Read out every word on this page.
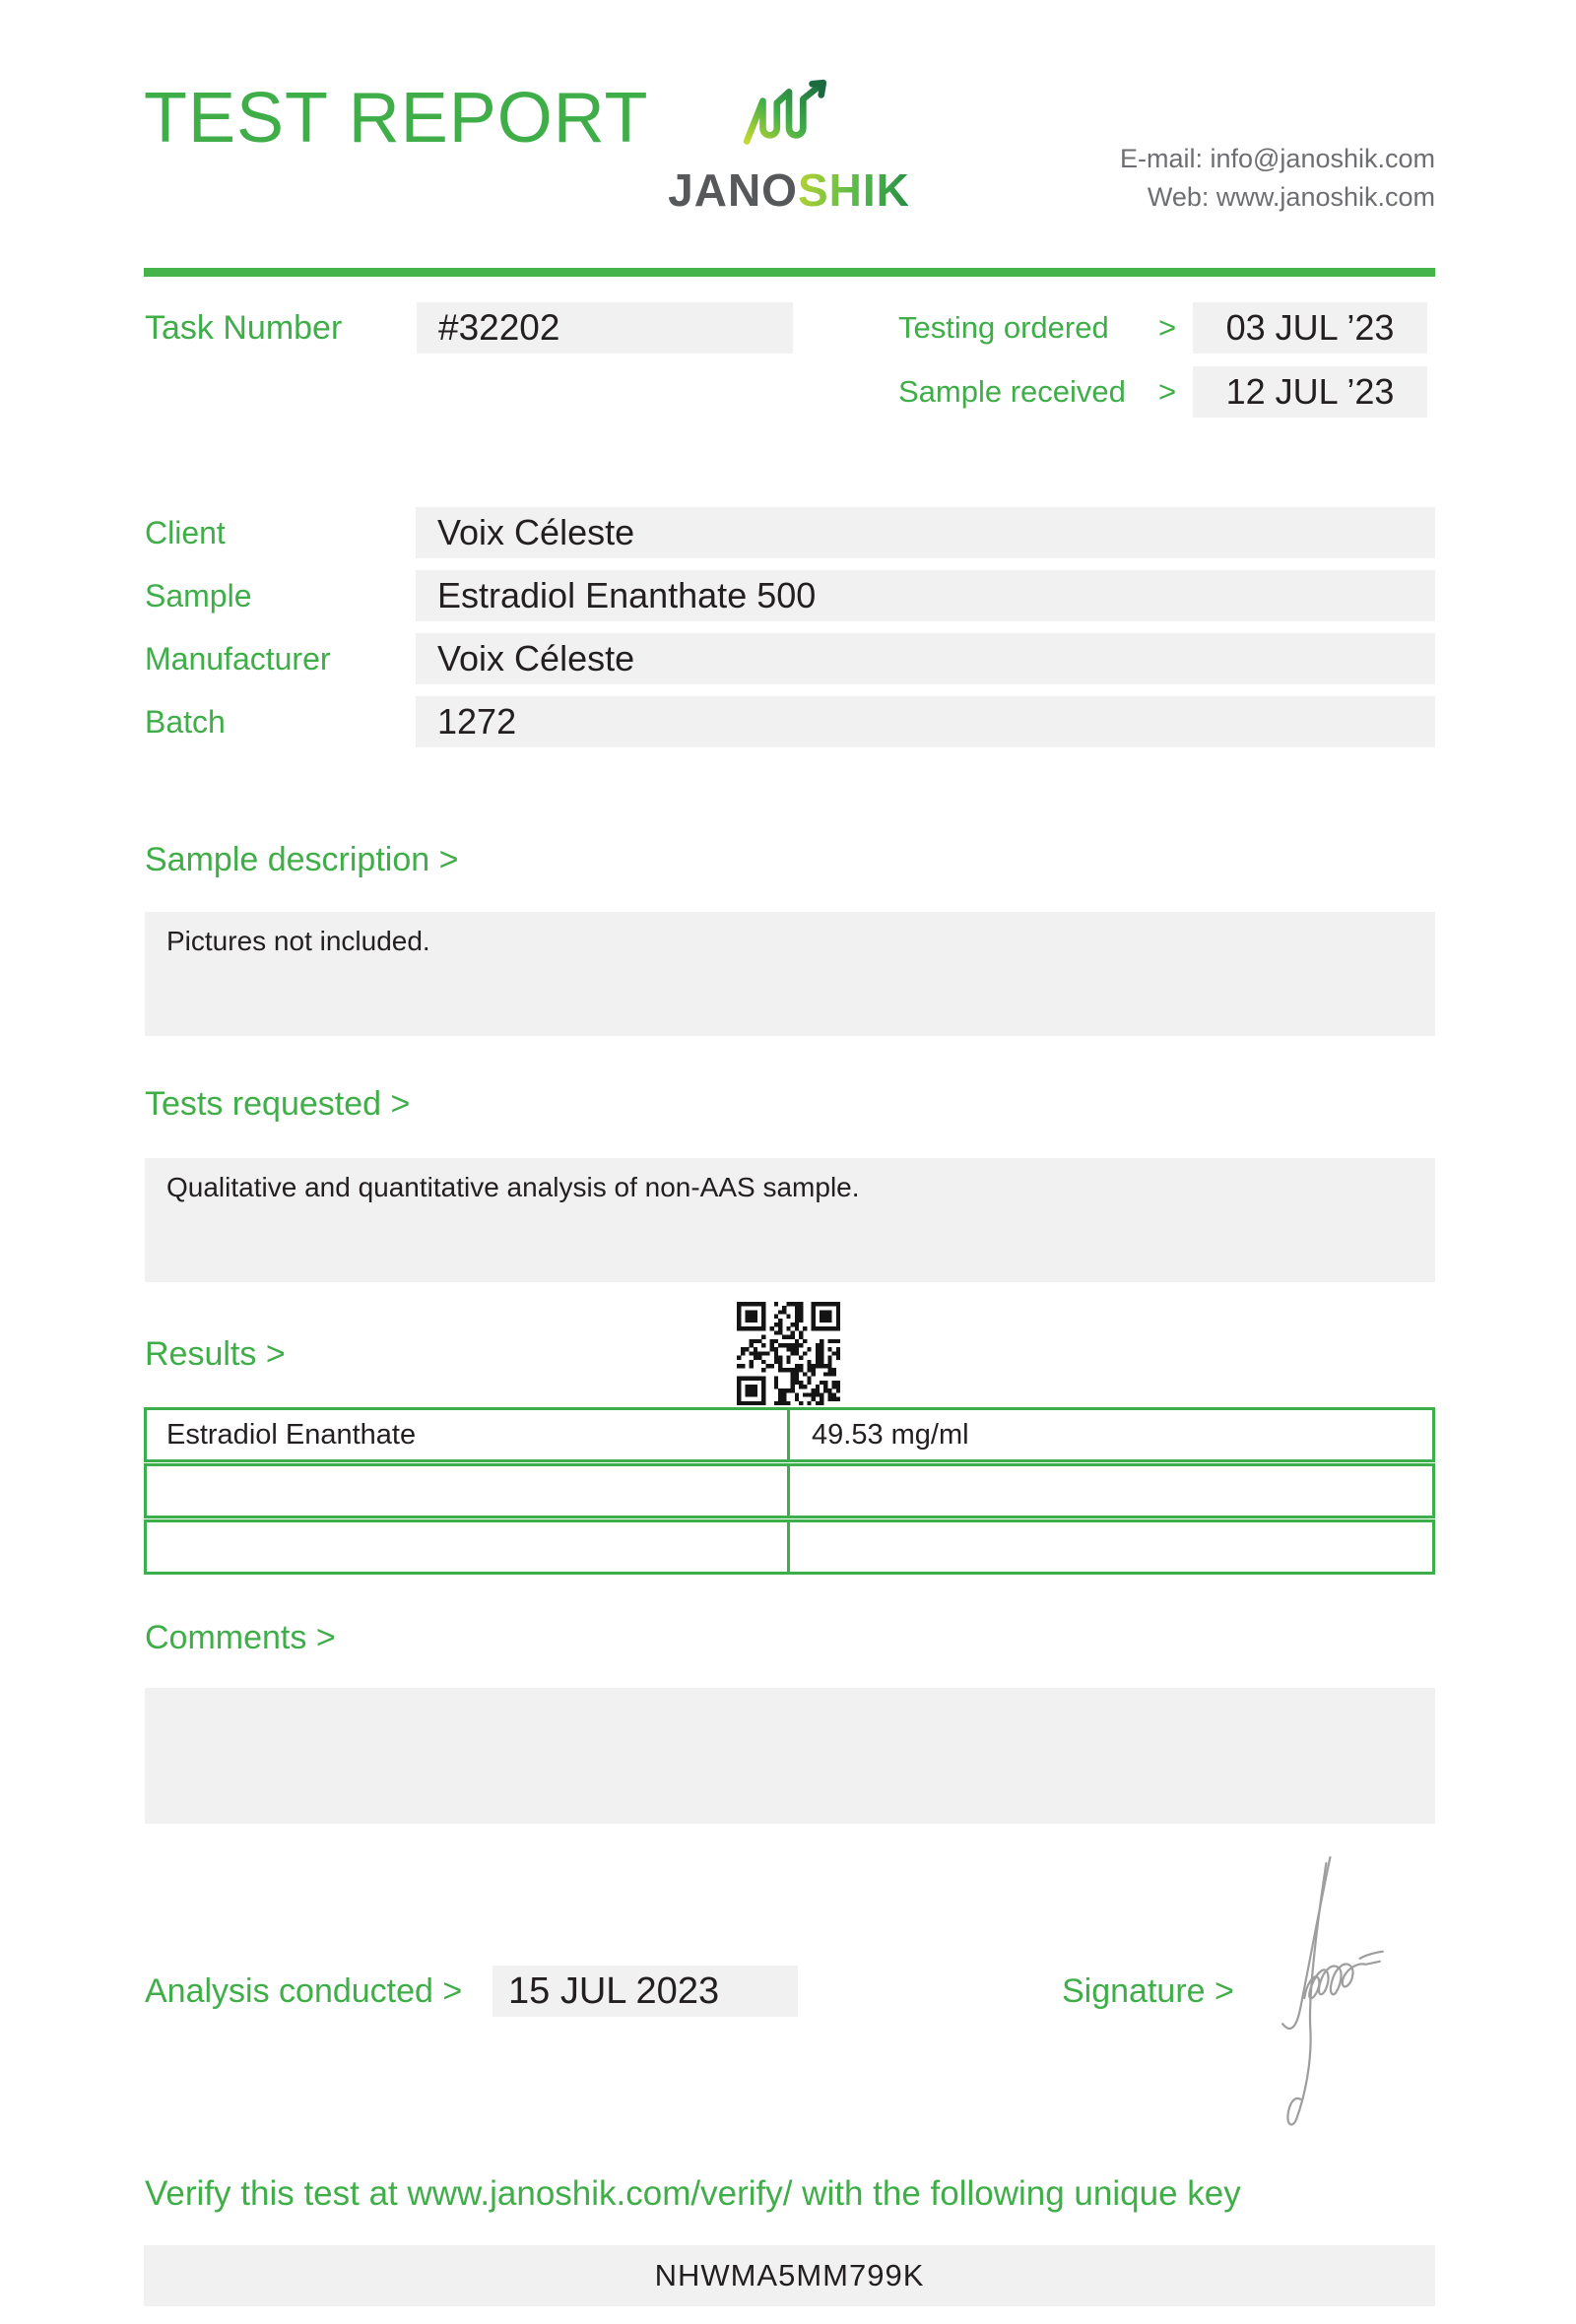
TEST REPORT
JANOSHIK
E-mail: info@janoshik.com
Web: www.janoshik.com
Task Number	#32202	Testing ordered >	03 JUL ’23
Sample received >	12 JUL ’23
Client	Voix Céleste
Sample	Estradiol Enanthate 500
Manufacturer	Voix Céleste
Batch	1272
Sample description >
Pictures not included.
Tests requested >
Qualitative and quantitative analysis of non-AAS sample.
Results >
Estradiol Enanthate	49.53 mg/ml
Comments >
Analysis conducted >	15 JUL 2023	Signature >
Verify this test at www.janoshik.com/verify/ with the following unique key
NHWMA5MM799K
